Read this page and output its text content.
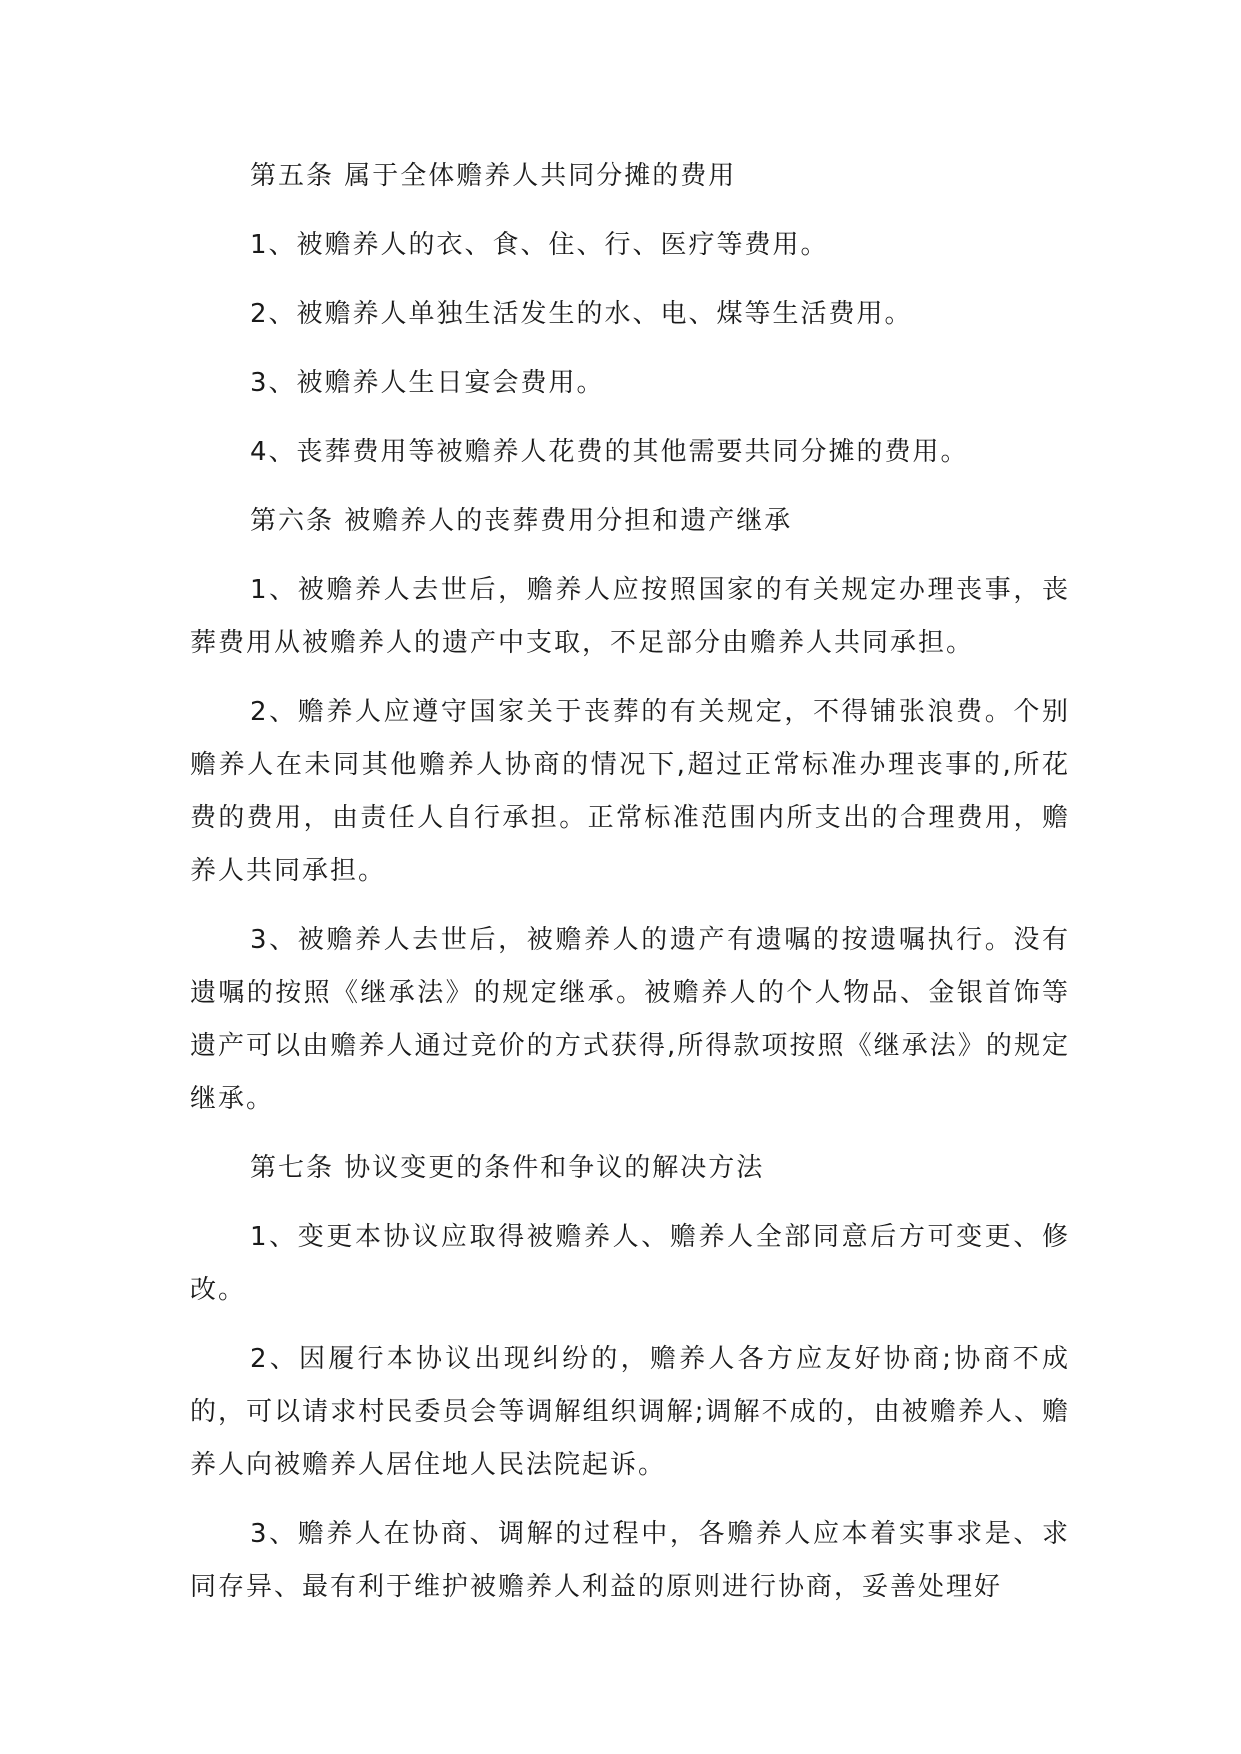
第五条 属于全体赡养人共同分摊的费用

1、被赡养人的衣、食、住、行、医疗等费用。

2、被赡养人单独生活发生的水、电、煤等生活费用。

3、被赡养人生日宴会费用。

4、丧葬费用等被赡养人花费的其他需要共同分摊的费用。

第六条 被赡养人的丧葬费用分担和遗产继承

1、被赡养人去世后，赡养人应按照国家的有关规定办理丧事，丧葬费用从被赡养人的遗产中支取，不足部分由赡养人共同承担。

2、赡养人应遵守国家关于丧葬的有关规定，不得铺张浪费。个别赡养人在未同其他赡养人协商的情况下,超过正常标准办理丧事的,所花费的费用，由责任人自行承担。正常标准范围内所支出的合理费用，赡养人共同承担。

3、被赡养人去世后，被赡养人的遗产有遗嘱的按遗嘱执行。没有遗嘱的按照《继承法》的规定继承。被赡养人的个人物品、金银首饰等遗产可以由赡养人通过竞价的方式获得,所得款项按照《继承法》的规定继承。

第七条 协议变更的条件和争议的解决方法

1、变更本协议应取得被赡养人、赡养人全部同意后方可变更、修改。

2、因履行本协议出现纠纷的，赡养人各方应友好协商;协商不成的，可以请求村民委员会等调解组织调解;调解不成的，由被赡养人、赡养人向被赡养人居住地人民法院起诉。

3、赡养人在协商、调解的过程中，各赡养人应本着实事求是、求同存异、最有利于维护被赡养人利益的原则进行协商，妥善处理好
